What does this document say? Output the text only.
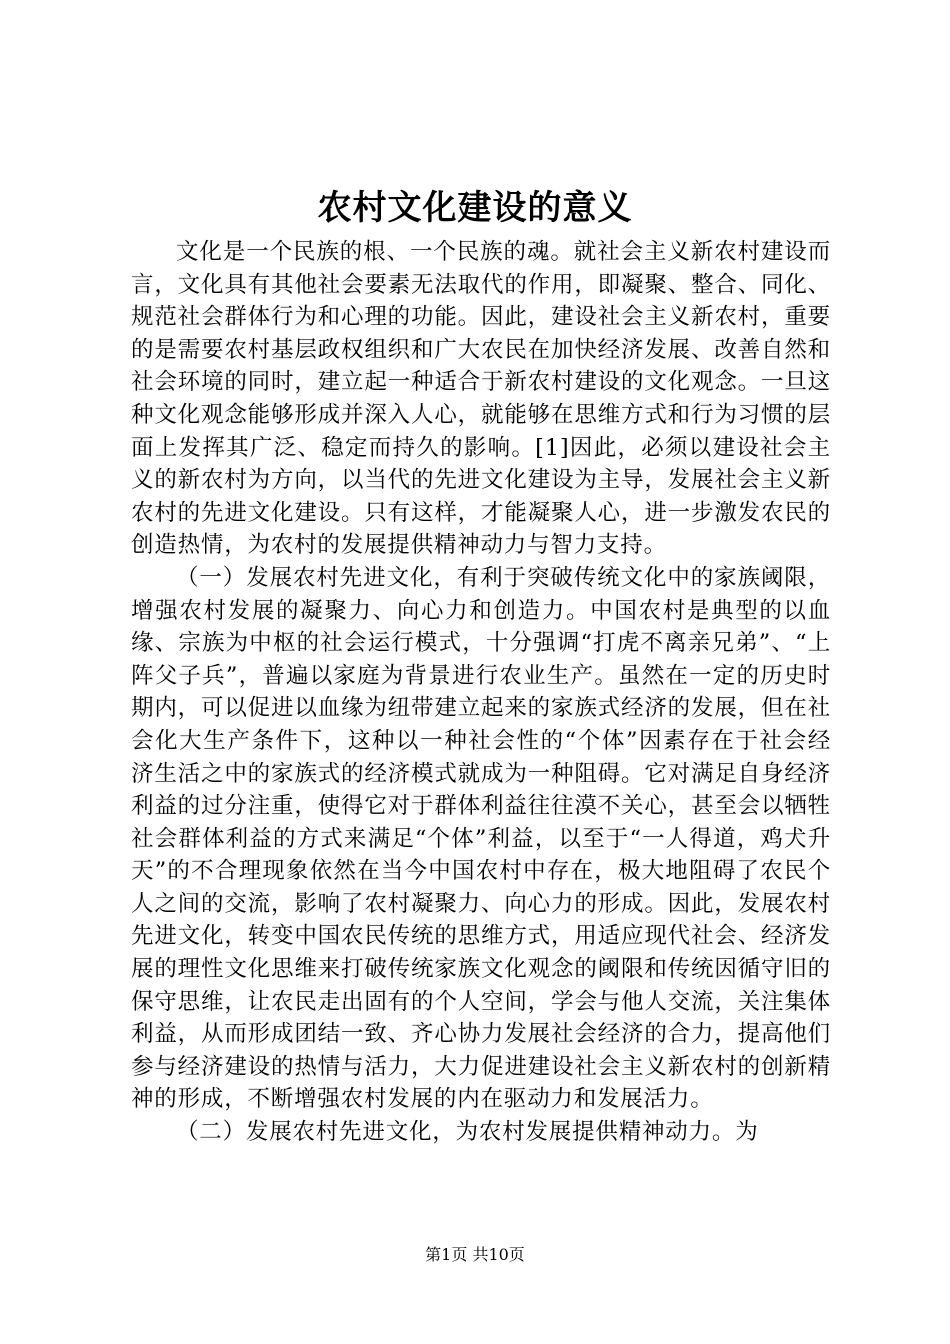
农村文化建设的意义

文化是一个民族的根、一个民族的魂。就社会主义新农村建设而言，文化具有其他社会要素无法取代的作用，即凝聚、整合、同化、规范社会群体行为和心理的功能。因此，建设社会主义新农村，重要的是需要农村基层政权组织和广大农民在加快经济发展、改善自然和社会环境的同时，建立起一种适合于新农村建设的文化观念。一旦这种文化观念能够形成并深入人心，就能够在思维方式和行为习惯的层面上发挥其广泛、稳定而持久的影响。[1]因此，必须以建设社会主义的新农村为方向，以当代的先进文化建设为主导，发展社会主义新农村的先进文化建设。只有这样，才能凝聚人心，进一步激发农民的创造热情，为农村的发展提供精神动力与智力支持。

（一）发展农村先进文化，有利于突破传统文化中的家族阈限，增强农村发展的凝聚力、向心力和创造力。中国农村是典型的以血缘、宗族为中枢的社会运行模式，十分强调“打虎不离亲兄弟”、“上阵父子兵”，普遍以家庭为背景进行农业生产。虽然在一定的历史时期内，可以促进以血缘为纽带建立起来的家族式经济的发展，但在社会化大生产条件下，这种以一种社会性的“个体”因素存在于社会经济生活之中的家族式的经济模式就成为一种阻碍。它对满足自身经济利益的过分注重，使得它对于群体利益往往漠不关心，甚至会以牺牲社会群体利益的方式来满足“个体”利益，以至于“一人得道，鸡犬升天”的不合理现象依然在当今中国农村中存在，极大地阻碍了农民个人之间的交流，影响了农村凝聚力、向心力的形成。因此，发展农村先进文化，转变中国农民传统的思维方式，用适应现代社会、经济发展的理性文化思维来打破传统家族文化观念的阈限和传统因循守旧的保守思维，让农民走出固有的个人空间，学会与他人交流，关注集体利益，从而形成团结一致、齐心协力发展社会经济的合力，提高他们参与经济建设的热情与活力，大力促进建设社会主义新农村的创新精神的形成，不断增强农村发展的内在驱动力和发展活力。

（二）发展农村先进文化，为农村发展提供精神动力。为

第1页 共10页
